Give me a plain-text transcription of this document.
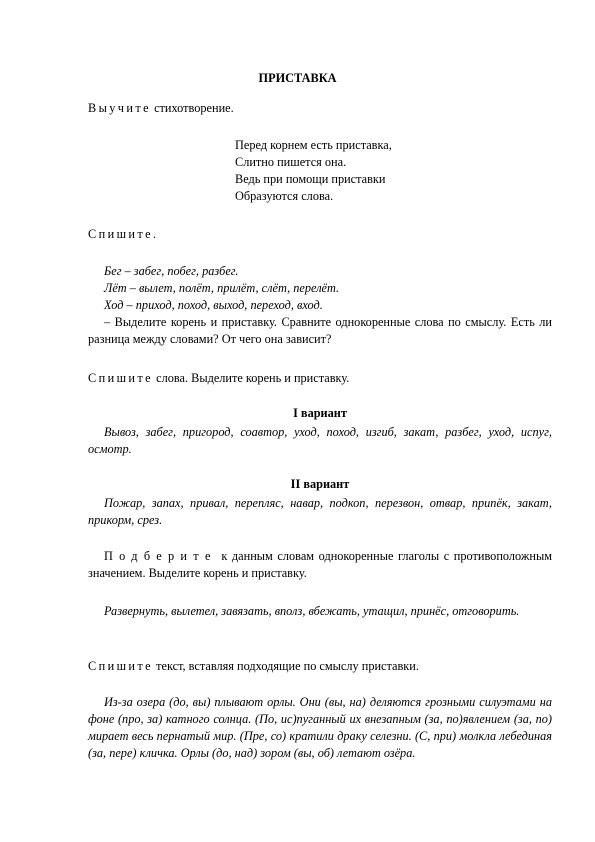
ПРИСТАВКА
Выучите стихотворение.
Перед корнем есть приставка,
Слитно пишется она.
Ведь при помощи приставки
Образуются слова.
Спишите.
Бег – забег, побег, разбег.
Лёт – вылет, полёт, прилёт, слёт, перелёт.
Ход – приход, поход, выход, переход, вход.
– Выделите корень и приставку. Сравните однокоренные слова по смыслу. Есть ли разница между словами? От чего она зависит?
Спишите слова. Выделите корень и приставку.
I вариант
Вывоз, забег, пригород, соавтор, уход, поход, изгиб, закат, разбег, уход, испуг, осмотр.
II вариант
Пожар, запах, привал, перепляс, навар, подкоп, перезвон, отвар, припёк, закат, прикорм, срез.
Подберите к данным словам однокоренные глаголы с противоположным значением. Выделите корень и приставку.
Развернуть, вылетел, завязать, вполз, вбежать, утащил, принёс, отговорить.
Спишите текст, вставляя подходящие по смыслу приставки.
Из-за озера (до, вы) плывают орлы. Они (вы, на) деляются грозными силуэтами на фоне (про, за) катного солнца. (По, ис)пуганный их внезапным (за, по)явлением (за, по) мирает весь пернатый мир. (Пре, со) кратили драку селезни. (С, при) молкла лебединая (за, пере) кличка. Орлы (до, над) зором (вы, об) летают озёра.
